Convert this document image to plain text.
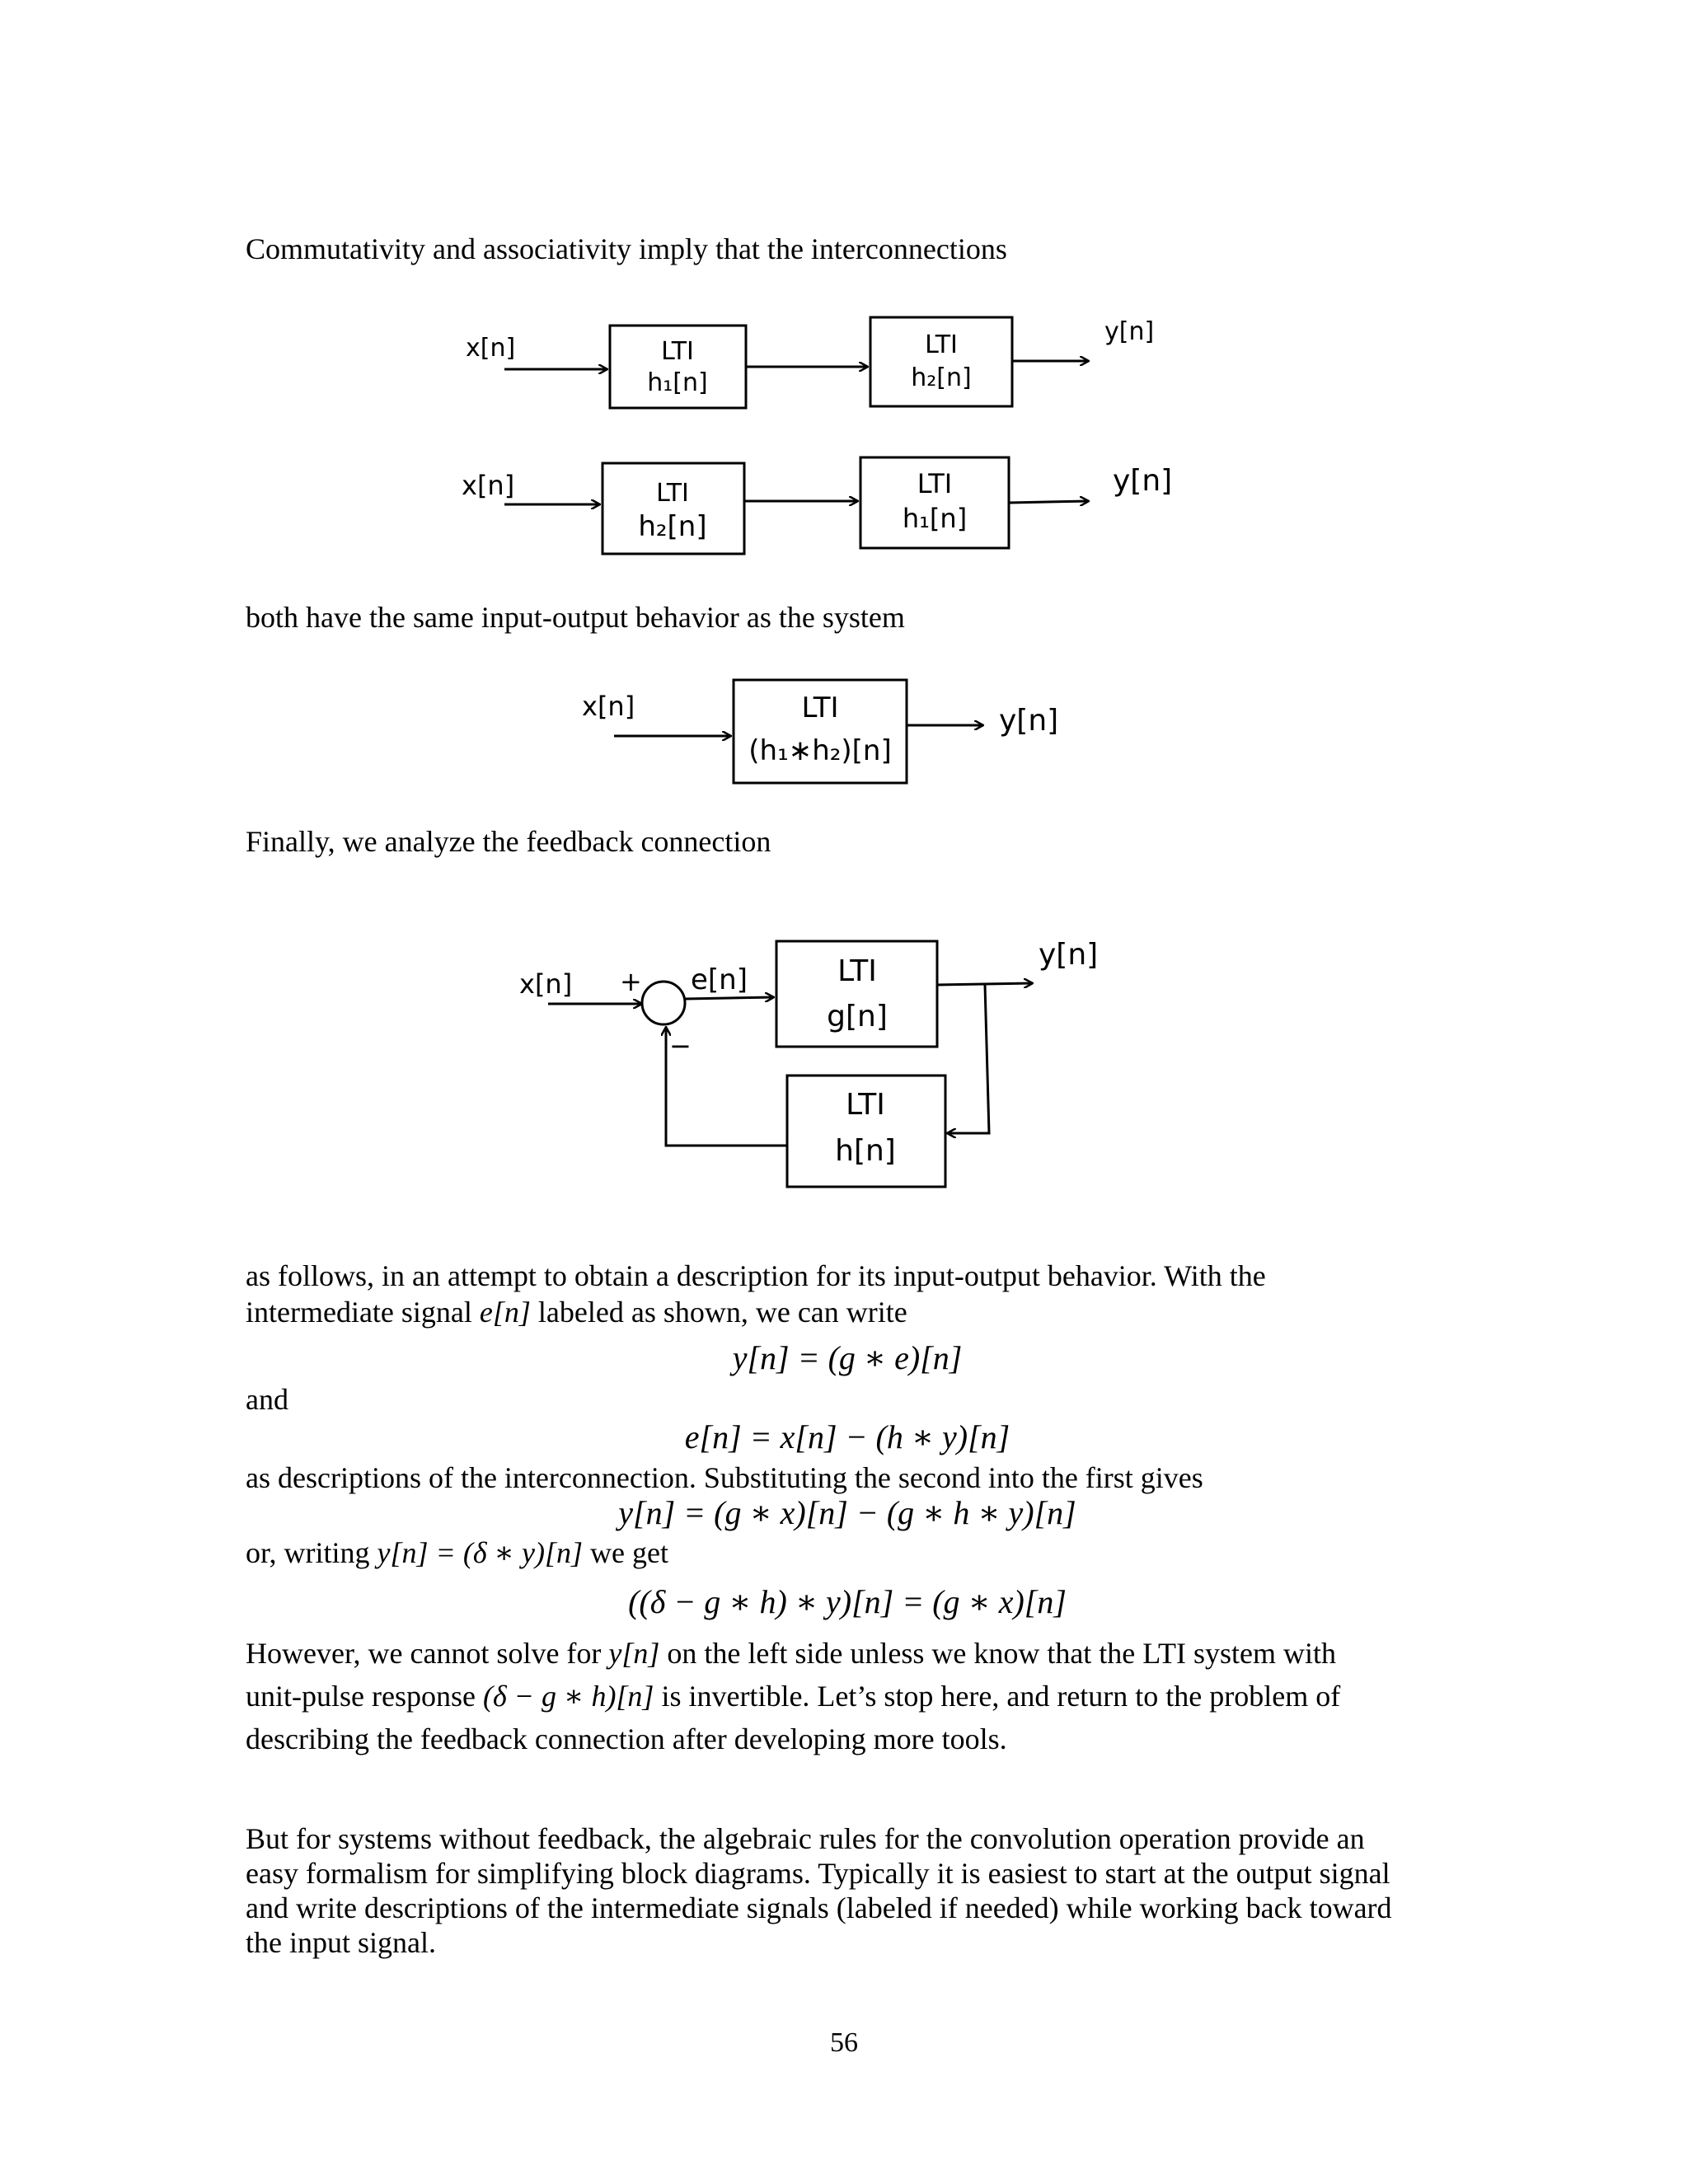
Commutativity and associativity imply that the interconnections
both have the same input-output behavior as the system
Finally, we analyze the feedback connection
as follows, in an attempt to obtain a description for its input-output behavior. With the
intermediate signal e[n] labeled as shown, we can write
y[n] = (g ∗ e)[n]
and
e[n] = x[n] − (h ∗ y)[n]
as descriptions of the interconnection. Substituting the second into the first gives
y[n] = (g ∗ x)[n] − (g ∗ h ∗ y)[n]
or, writing y[n] = (δ ∗ y)[n] we get
((δ − g ∗ h) ∗ y)[n] = (g ∗ x)[n]
However, we cannot solve for y[n] on the left side unless we know that the LTI system with
unit-pulse response (δ − g ∗ h)[n] is invertible. Let’s stop here, and return to the problem of
describing the feedback connection after developing more tools.
But for systems without feedback, the algebraic rules for the convolution operation provide an
easy formalism for simplifying block diagrams. Typically it is easiest to start at the output signal
and write descriptions of the intermediate signals (labeled if needed) while working back toward
the input signal.
56
x[n]	LTI
h₁[n]
LTI
h₂[n]
y[n]
x[n]	LTI
h₂[n]
LTI
h₁[n]
y[n]
x[n]	LTI
(h₁∗h₂)[n]
y[n]
x[n] +
−
e[n]	LTI
g[n]
y[n]
LTI
h[n]
